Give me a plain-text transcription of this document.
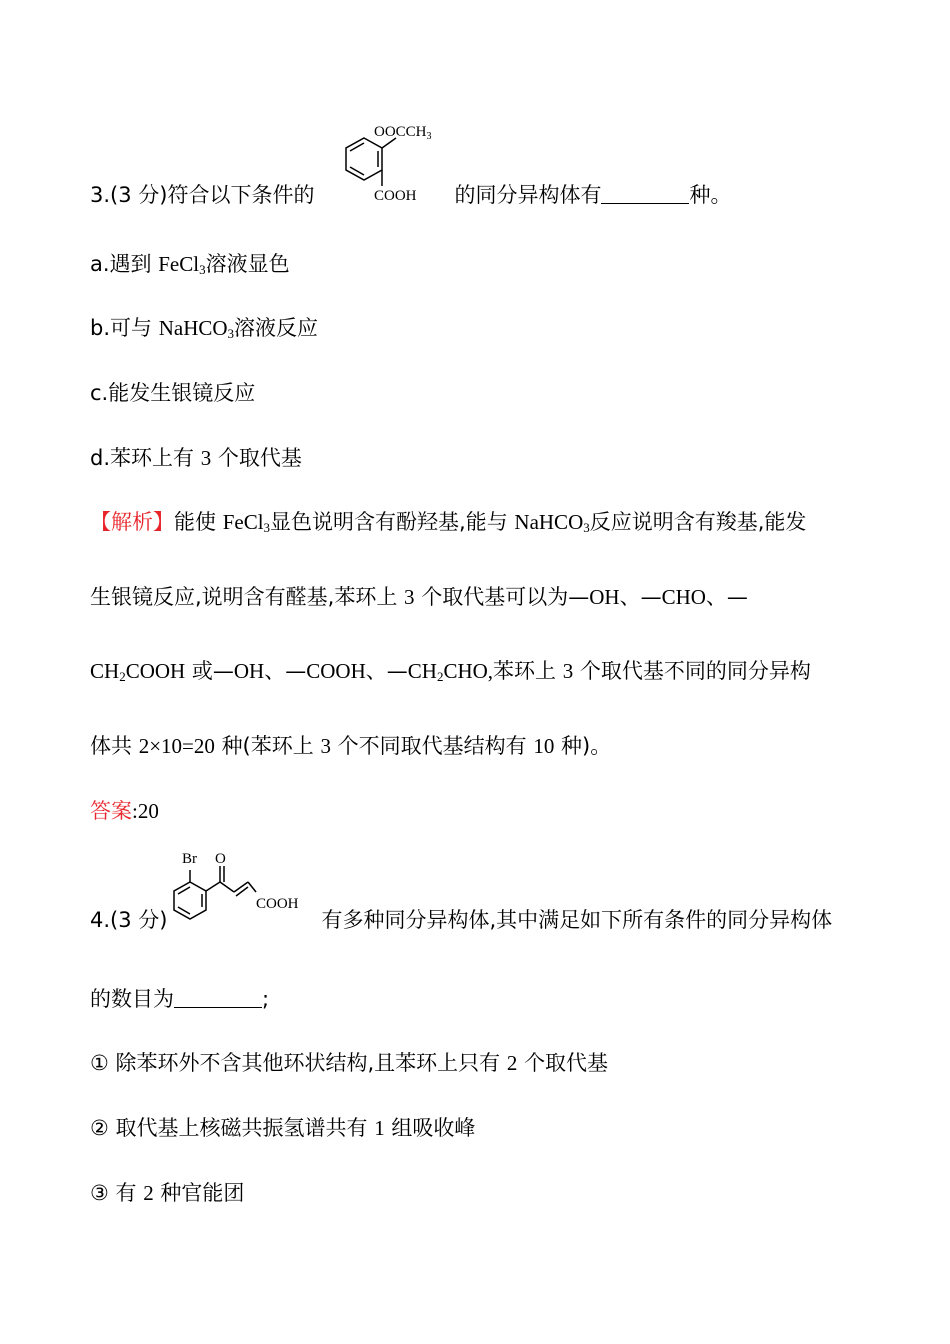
$OOCCH_3$
COOH
3.(3 分)符合以下条件的	的同分异构体有	种。
a.遇到 FeCl$_3$溶液显色
b.可与 NaHCO$_3$溶液反应
c.能发生银镜反应
d.苯环上有 3 个取代基
【解析】能使 FeCl$_3$显色说明含有酚羟基,能与 NaHCO$_3$反应说明含有羧基,能发
生银镜反应,说明含有醛基,苯环上 3 个取代基可以为—OH、—CHO、—
$CH_2COOH$ 或—OH、—COOH、$—CH_2CHO$,苯环上 3 个取代基不同的同分异构
体共 2×10=20 种(苯环上 3 个不同取代基结构有 10 种)。
答案:20
Br O
COOH
4.(3 分)	有多种同分异构体,其中满足如下所有条件的同分异构体
的数目为	;
① 除苯环外不含其他环状结构,且苯环上只有 2 个取代基
② 取代基上核磁共振氢谱共有 1 组吸收峰
③ 有 2 种官能团
